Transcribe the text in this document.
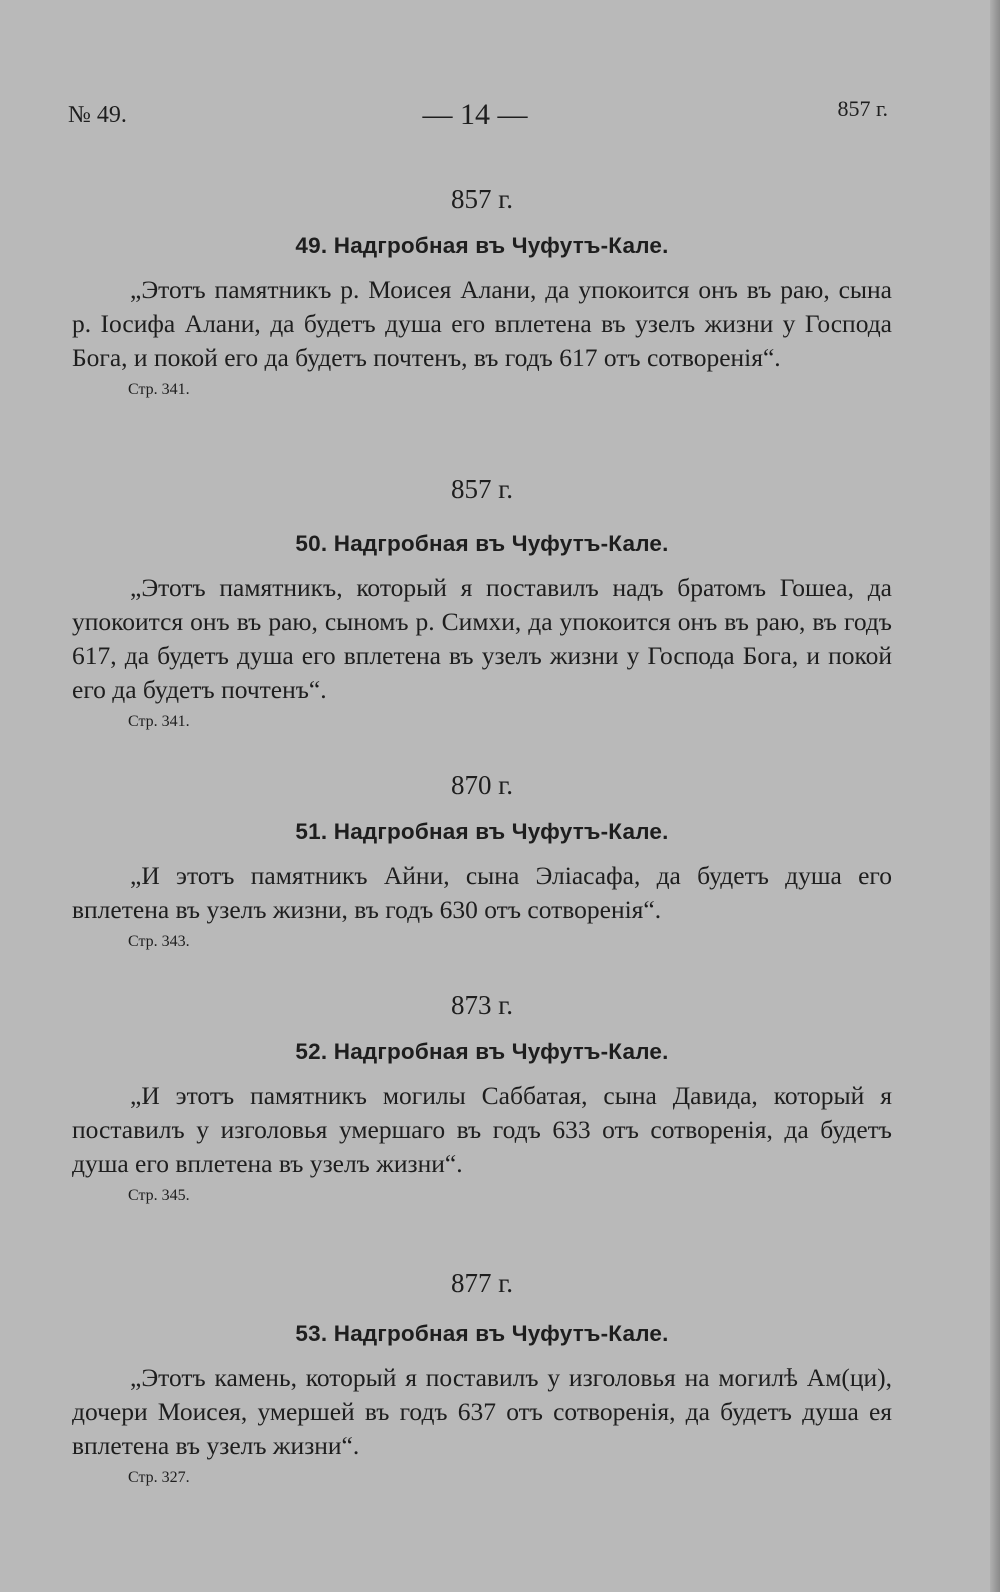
№ 49.	— 14 —	857 г.
857 г.
49. Надгробная въ Чуфутъ-Кале.
„Этотъ памятникъ р. Моисея Алани, да упокоится онъ въ раю, сына р. Іосифа Алани, да будетъ душа его вплетена въ узелъ жизни у Господа Бога, и покой его да будетъ почтенъ, въ годъ 617 отъ сотворенія“.
Стр. 341.
857 г.
50. Надгробная въ Чуфутъ-Кале.
„Этотъ памятникъ, который я поставилъ надъ братомъ Гошеа, да упокоится онъ въ раю, сыномъ р. Симхи, да упокоится онъ въ раю, въ годъ 617, да будетъ душа его вплетена въ узелъ жизни у Господа Бога, и покой его да будетъ почтенъ“.
Стр. 341.
870 г.
51. Надгробная въ Чуфутъ-Кале.
„И этотъ памятникъ Айни, сына Эліасафа, да будетъ душа его вплетена въ узелъ жизни, въ годъ 630 отъ сотворенія“.
Стр. 343.
873 г.
52. Надгробная въ Чуфутъ-Кале.
„И этотъ памятникъ могилы Саббатая, сына Давида, который я поставилъ у изголовья умершаго въ годъ 633 отъ сотворенія, да будетъ душа его вплетена въ узелъ жизни“.
Стр. 345.
877 г.
53. Надгробная въ Чуфутъ-Кале.
„Этотъ камень, который я поставилъ у изголовья на могилѣ Ам(ци), дочери Моисея, умершей въ годъ 637 отъ сотворенія, да будетъ душа ея вплетена въ узелъ жизни“.
Стр. 327.
